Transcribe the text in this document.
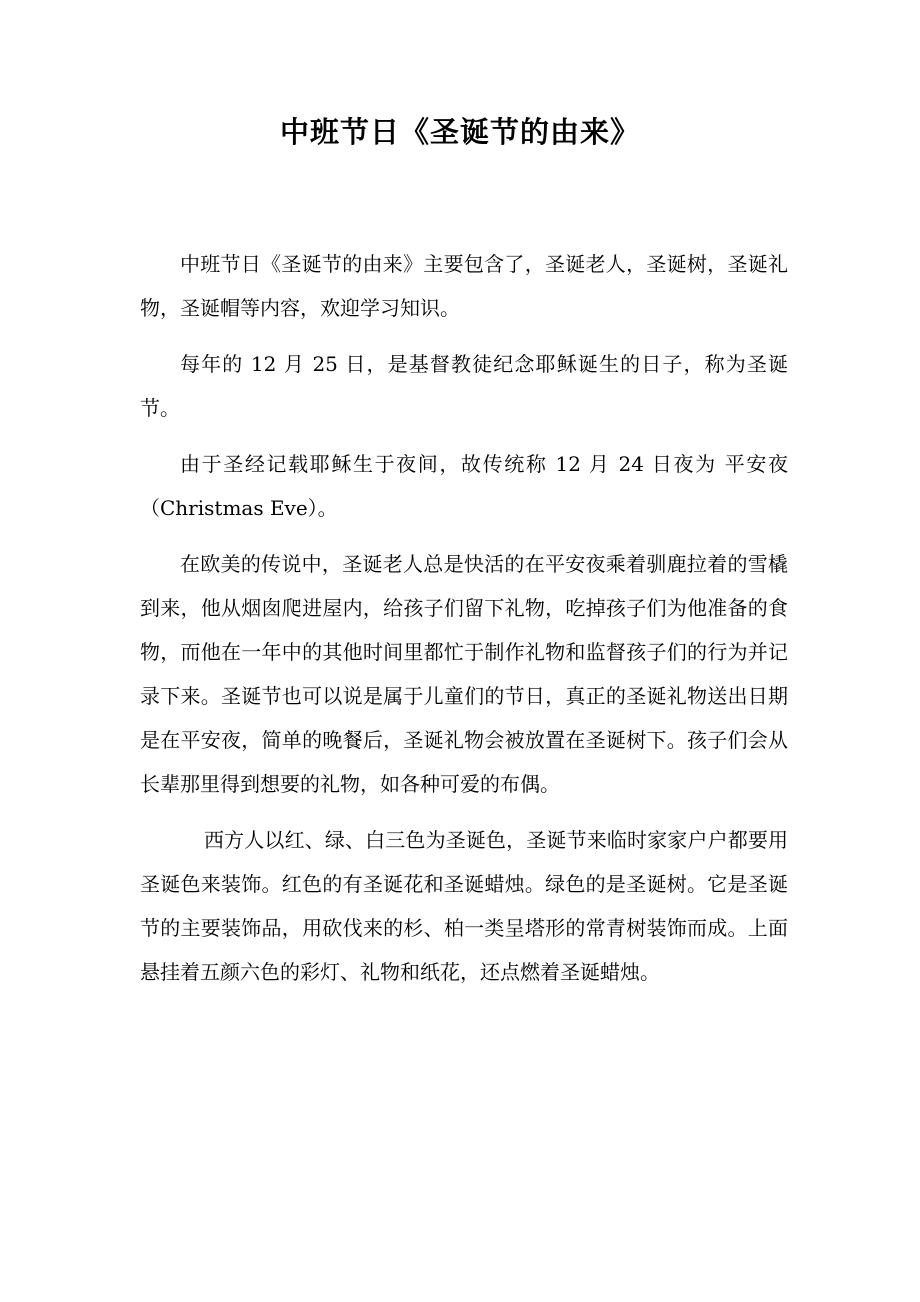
中班节日《圣诞节的由来》

中班节日《圣诞节的由来》主要包含了，圣诞老人，圣诞树，圣诞礼物，圣诞帽等内容，欢迎学习知识。

每年的 12 月 25 日，是基督教徒纪念耶稣诞生的日子，称为圣诞节。

由于圣经记载耶稣生于夜间，故传统称 12 月 24 日夜为 平安夜（Christmas Eve）。

在欧美的传说中，圣诞老人总是快活的在平安夜乘着驯鹿拉着的雪橇到来，他从烟囱爬进屋内，给孩子们留下礼物，吃掉孩子们为他准备的食物，而他在一年中的其他时间里都忙于制作礼物和监督孩子们的行为并记录下来。圣诞节也可以说是属于儿童们的节日，真正的圣诞礼物送出日期是在平安夜，简单的晚餐后，圣诞礼物会被放置在圣诞树下。孩子们会从长辈那里得到想要的礼物，如各种可爱的布偶。

西方人以红、绿、白三色为圣诞色，圣诞节来临时家家户户都要用圣诞色来装饰。红色的有圣诞花和圣诞蜡烛。绿色的是圣诞树。它是圣诞节的主要装饰品，用砍伐来的杉、柏一类呈塔形的常青树装饰而成。上面悬挂着五颜六色的彩灯、礼物和纸花，还点燃着圣诞蜡烛。
